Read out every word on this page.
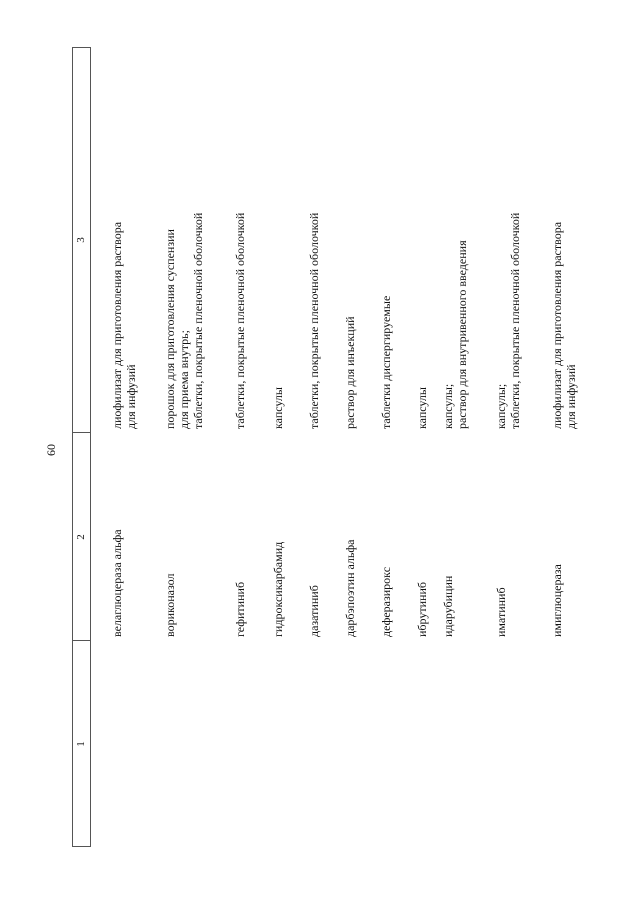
60
1
2
3
велаглюцераза альфа
лиофилизат для приготовления раствора для инфузий
вориконазол
порошок для приготовления суспензии для приема внутрь; таблетки, покрытые пленочной оболочкой
гефитиниб
таблетки, покрытые пленочной оболочкой
гидроксикарбамид
капсулы
дазатиниб
таблетки, покрытые пленочной оболочкой
дарбэпоэтин альфа
раствор для инъекций
деферазирокс
таблетки диспергируемые
ибрутиниб
капсулы
идарубицин
капсулы; раствор для внутривенного введения
иматиниб
капсулы; таблетки, покрытые пленочной оболочкой
имиглюцераза
лиофилизат для приготовления раствора для инфузий
